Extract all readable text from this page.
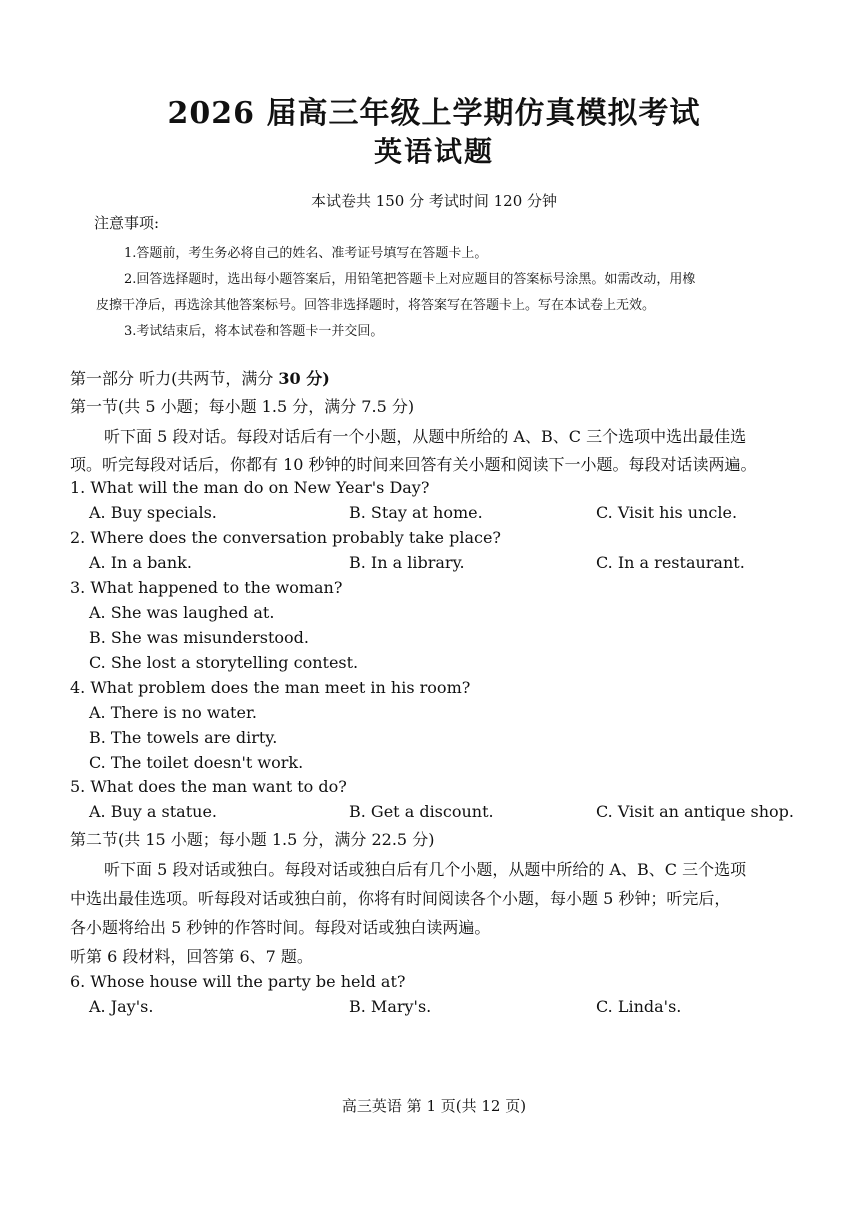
2026 届高三年级上学期仿真模拟考试
英语试题
本试卷共 150 分 考试时间 120 分钟
注意事项:
1.答题前，考生务必将自己的姓名、准考证号填写在答题卡上。
2.回答选择题时，选出每小题答案后，用铅笔把答题卡上对应题目的答案标号涂黑。如需改动，用橡
皮擦干净后，再选涂其他答案标号。回答非选择题时，将答案写在答题卡上。写在本试卷上无效。
3.考试结束后，将本试卷和答题卡一并交回。
第一部分 听力(共两节，满分 30 分)
第一节(共 5 小题；每小题 1.5 分，满分 7.5 分)
听下面 5 段对话。每段对话后有一个小题，从题中所给的 A、B、C 三个选项中选出最佳选
项。听完每段对话后，你都有 10 秒钟的时间来回答有关小题和阅读下一小题。每段对话读两遍。
1. What will the man do on New Year's Day?
A. Buy specials.	B. Stay at home.	C. Visit his uncle.
2. Where does the conversation probably take place?
A. In a bank.	B. In a library.	C. In a restaurant.
3. What happened to the woman?
A. She was laughed at.
B. She was misunderstood.
C. She lost a storytelling contest.
4. What problem does the man meet in his room?
A. There is no water.
B. The towels are dirty.
C. The toilet doesn't work.
5. What does the man want to do?
A. Buy a statue.	B. Get a discount.	C. Visit an antique shop.
第二节(共 15 小题；每小题 1.5 分，满分 22.5 分)
听下面 5 段对话或独白。每段对话或独白后有几个小题，从题中所给的 A、B、C 三个选项
中选出最佳选项。听每段对话或独白前，你将有时间阅读各个小题，每小题 5 秒钟；听完后，
各小题将给出 5 秒钟的作答时间。每段对话或独白读两遍。
听第 6 段材料，回答第 6、7 题。
6. Whose house will the party be held at?
A. Jay's.	B. Mary's.	C. Linda's.
高三英语 第 1 页(共 12 页)
